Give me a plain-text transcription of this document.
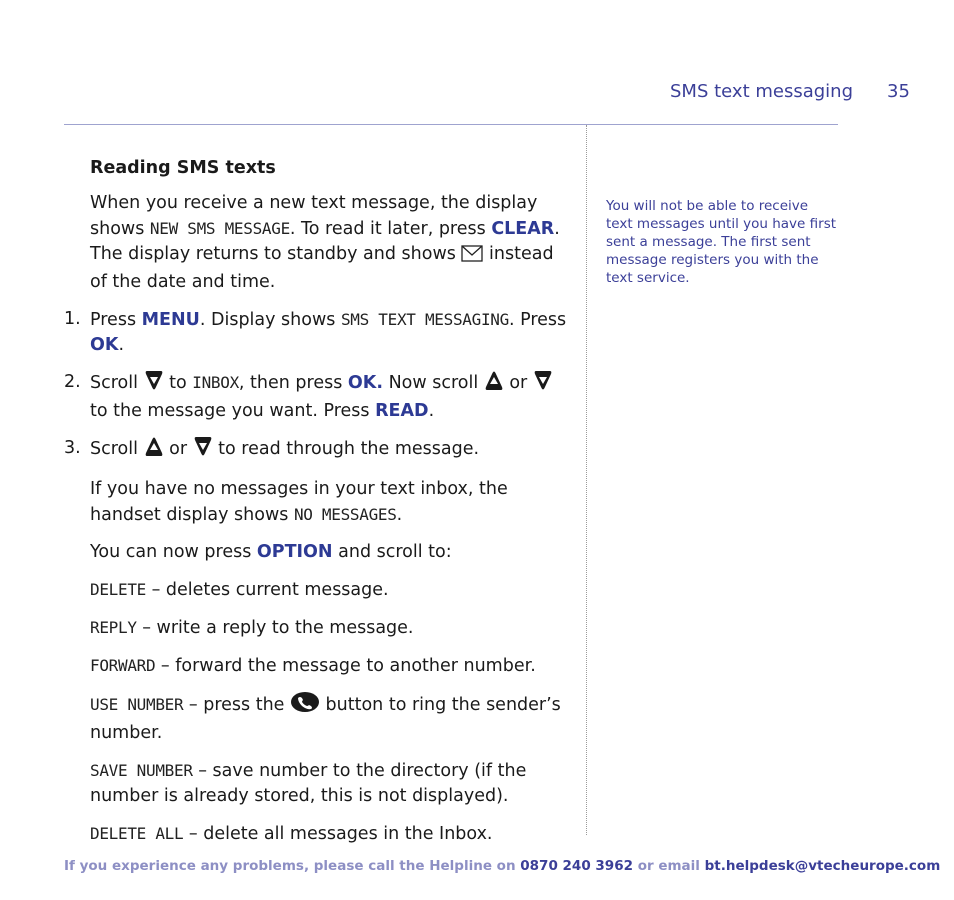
SMS text messaging 35
Reading SMS texts

When you receive a new text message, the display shows NEW SMS MESSAGE. To read it later, press CLEAR. The display returns to standby and shows  instead of the date and time.

1. Press MENU. Display shows SMS TEXT MESSAGING. Press OK.

2. Scroll  to INBOX, then press OK. Now scroll  or  to the message you want. Press READ.

3. Scroll  or  to read through the message.

If you have no messages in your text inbox, the handset display shows NO MESSAGES.

You can now press OPTION and scroll to:

DELETE – deletes current message.

REPLY – write a reply to the message.

FORWARD – forward the message to another number.

USE NUMBER – press the  button to ring the sender’s number.

SAVE NUMBER – save number to the directory (if the number is already stored, this is not displayed).

DELETE ALL – delete all messages in the Inbox.

You will not be able to receive text messages until you have first sent a message. The first sent message registers you with the text service.
If you experience any problems, please call the Helpline on 0870 240 3962 or email bt.helpdesk@vtecheurope.com
